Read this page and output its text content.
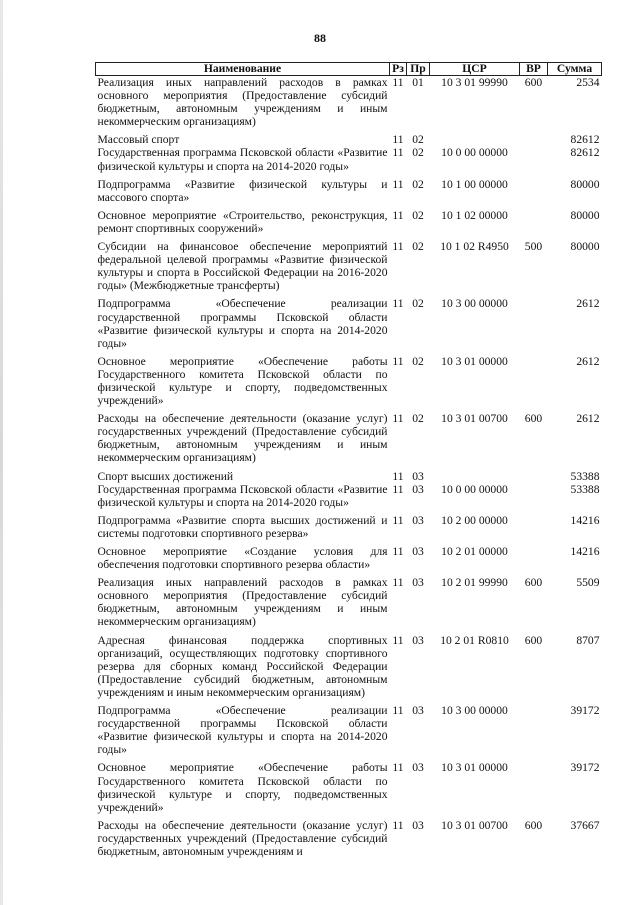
88
Наименование	Рз	Пр	ЦСР	ВР	Сумма
Реализация иных направлений расходов в рамках основного мероприятия (Предоставление субсидий бюджетным, автономным учреждениям и иным некоммерческим организациям)	11	01	10 3 01 99990	600	2534
Массовый спорт	11	02			82612
Государственная программа Псковской области «Развитие физической культуры и спорта на 2014-2020 годы»	11	02	10 0 00 00000		82612
Подпрограмма «Развитие физической культуры и массового спорта»	11	02	10 1 00 00000		80000
Основное мероприятие «Строительство, реконструкция, ремонт спортивных сооружений»	11	02	10 1 02 00000		80000
Субсидии на финансовое обеспечение мероприятий федеральной целевой программы «Развитие физической культуры и спорта в Российской Федерации на 2016-2020 годы» (Межбюджетные трансферты)	11	02	10 1 02 R4950	500	80000
Подпрограмма «Обеспечение реализации государственной программы Псковской области «Развитие физической культуры и спорта на 2014-2020 годы»	11	02	10 3 00 00000		2612
Основное мероприятие «Обеспечение работы Государственного комитета Псковской области по физической культуре и спорту, подведомственных учреждений»	11	02	10 3 01 00000		2612
Расходы на обеспечение деятельности (оказание услуг) государственных учреждений (Предоставление субсидий бюджетным, автономным учреждениям и иным некоммерческим организациям)	11	02	10 3 01 00700	600	2612
Спорт высших достижений	11	03			53388
Государственная программа Псковской области «Развитие физической культуры и спорта на 2014-2020 годы»	11	03	10 0 00 00000		53388
Подпрограмма «Развитие спорта высших достижений и системы подготовки спортивного резерва»	11	03	10 2 00 00000		14216
Основное мероприятие «Создание условия для обеспечения подготовки спортивного резерва области»	11	03	10 2 01 00000		14216
Реализация иных направлений расходов в рамках основного мероприятия (Предоставление субсидий бюджетным, автономным учреждениям и иным некоммерческим организациям)	11	03	10 2 01 99990	600	5509
Адресная финансовая поддержка спортивных организаций, осуществляющих подготовку спортивного резерва для сборных команд Российской Федерации (Предоставление субсидий бюджетным, автономным учреждениям и иным некоммерческим организациям)	11	03	10 2 01 R0810	600	8707
Подпрограмма «Обеспечение реализации государственной программы Псковской области «Развитие физической культуры и спорта на 2014-2020 годы»	11	03	10 3 00 00000		39172
Основное мероприятие «Обеспечение работы Государственного комитета Псковской области по физической культуре и спорту, подведомственных учреждений»	11	03	10 3 01 00000		39172
Расходы на обеспечение деятельности (оказание услуг) государственных учреждений (Предоставление субсидий бюджетным, автономным учреждениям и	11	03	10 3 01 00700	600	37667
